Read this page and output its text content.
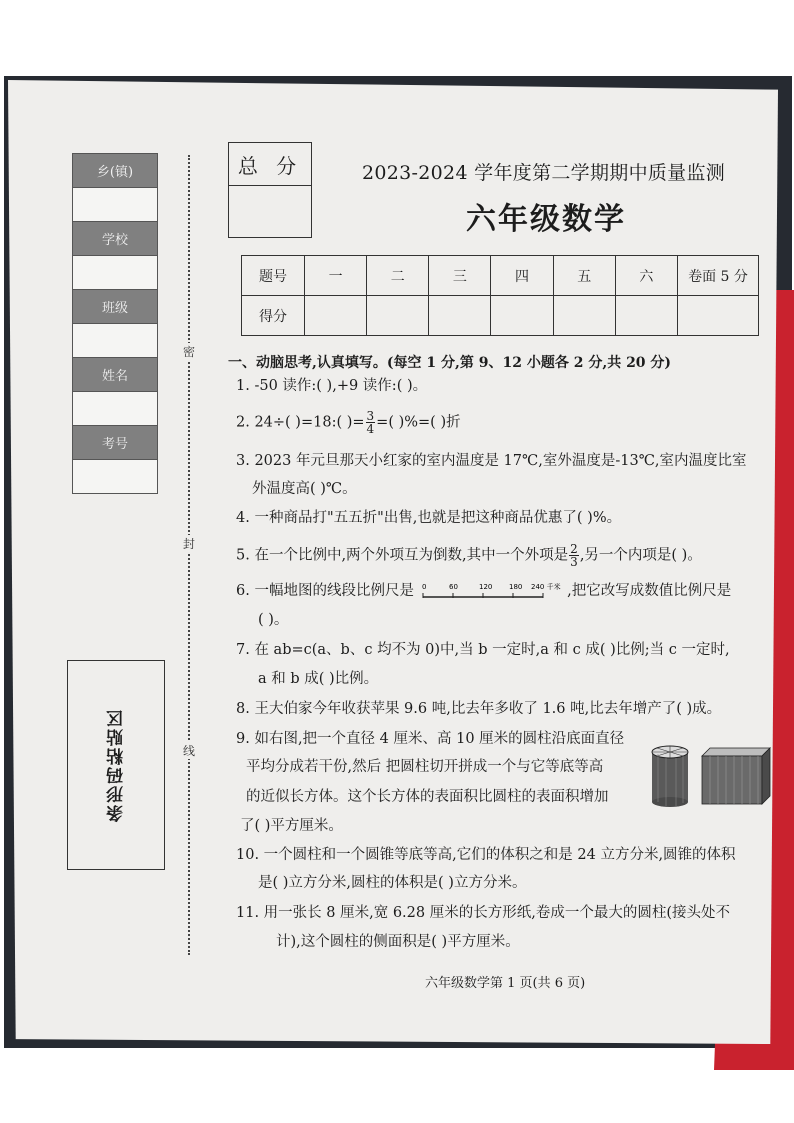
乡(镇)
学校
班级
姓名
考号
条形码粘贴区
密
封
线
总 分	2023-2024 学年度第二学期期中质量监测
六年级数学
题号	一	二	三	四	五	六	卷面 5 分
得分							
一、动脑思考,认真填写。(每空 1 分,第 9、12 小题各 2 分,共 20 分)
1. -50 读作:( ),+9 读作:( )。
2. 24÷( )=18:( )= $\frac{3}{4}$ =( )%=( )折
3. 2023 年元旦那天小红家的室内温度是 17℃,室外温度是-13℃,室内温度比室
外温度高( )℃。
4. 一种商品打"五五折"出售,也就是把这种商品优惠了( )%。
5. 在一个比例中,两个外项互为倒数,其中一个外项是 $\frac{2}{3}$ ,另一个内项是( )。
6. 一幅地图的线段比例尺是 0	60	120 180 240 千米 ,把它改写成数值比例尺是
( )。
7. 在 ab=c(a、b、c 均不为 0)中,当 b 一定时,a 和 c 成( )比例;当 c 一定时,
a 和 b 成( )比例。
8. 王大伯家今年收获苹果 9.6 吨,比去年多收了 1.6 吨,比去年增产了( )成。
9. 如右图,把一个直径 4 厘米、高 10 厘米的圆柱沿底面直径
平均分成若干份,然后 把圆柱切开拼成一个与它等底等高
的近似长方体。这个长方体的表面积比圆柱的表面积增加
了( )平方厘米。
10. 一个圆柱和一个圆锥等底等高,它们的体积之和是 24 立方分米,圆锥的体积
是( )立方分米,圆柱的体积是( )立方分米。
11. 用一张长 8 厘米,宽 6.28 厘米的长方形纸,卷成一个最大的圆柱(接头处不
计),这个圆柱的侧面积是( )平方厘米。
六年级数学第 1 页(共 6 页)
